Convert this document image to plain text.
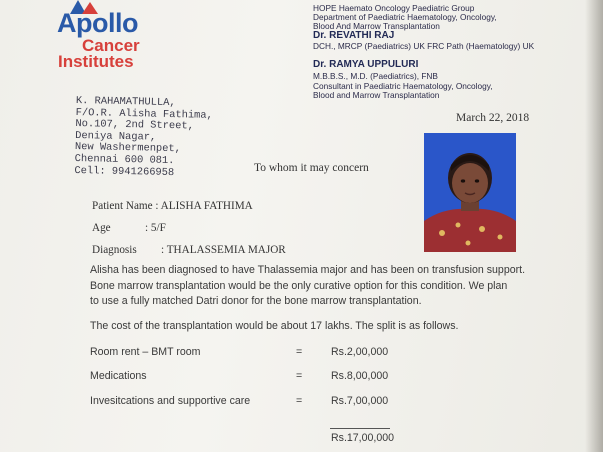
Apollo
Cancer
Institutes
HOPE Haemato Oncology Paediatric Group
Department of Paediatric Haematology, Oncology,
Blood And Marrow Transplantation
Dr. REVATHI RAJ
DCH., MRCP (Paediatrics) UK FRC Path (Haematology) UK
Dr. RAMYA UPPULURI
M.B.B.S., M.D. (Paediatrics), FNB
Consultant in Paediatric Haematology, Oncology,
Blood and Marrow Transplantation
K. RAHAMATHULLA,
F/O.R. Alisha Fathima,
No.107, 2nd Street,
Deniya Nagar,
New Washermenpet,
Chennai 600 081.
Cell: 9941266958
March 22, 2018
To whom it may concern
Patient Name : ALISHA FATHIMA
Age	: 5/F
Diagnosis : THALASSEMIA MAJOR
Alisha has been diagnosed to have Thalassemia major and has been on transfusion support.
Bone marrow transplantation would be the only curative option for this condition. We plan
to use a fully matched Datri donor for the bone marrow transplantation.
The cost of the transplantation would be about 17 lakhs. The split is as follows.
Room rent – BMT room	=	Rs.2,00,000
Medications	=	Rs.8,00,000
Invesitcations and supportive care	=	Rs.7,00,000
Rs.17,00,000
